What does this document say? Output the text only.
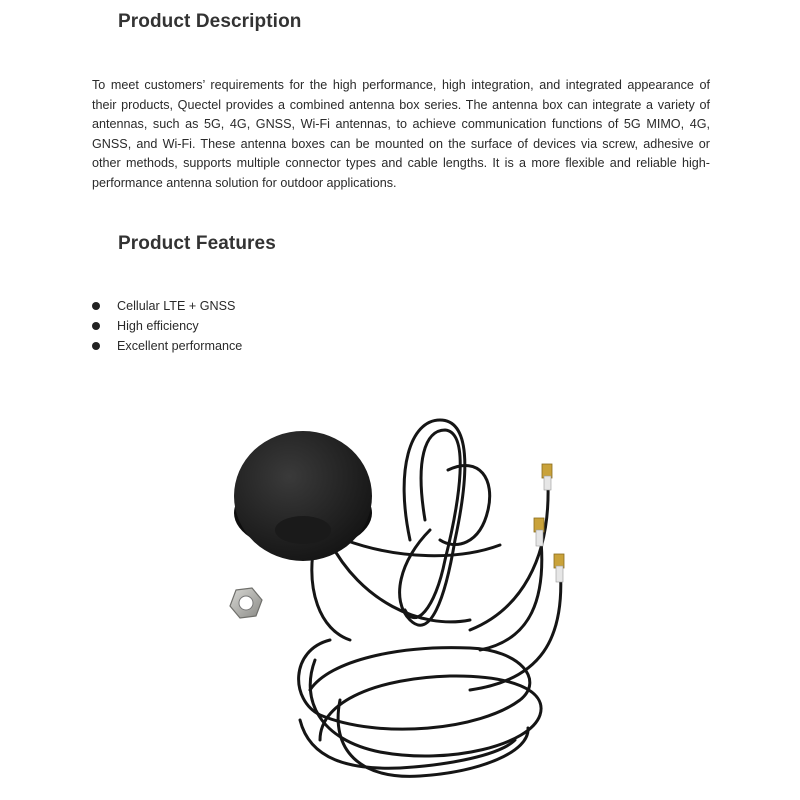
Product Description

To meet customers’ requirements for the high performance, high integration, and integrated appearance of their products, Quectel provides a combined antenna box series. The antenna box can integrate a variety of antennas, such as 5G, 4G, GNSS, Wi-Fi antennas, to achieve communication functions of 5G MIMO, 4G, GNSS, and Wi-Fi. These antenna boxes can be mounted on the surface of devices via screw, adhesive or other methods, supports multiple connector types and cable lengths. It is a more flexible and reliable high-performance antenna solution for outdoor applications.

Product Features
Cellular LTE + GNSS
High efficiency
Excellent performance
